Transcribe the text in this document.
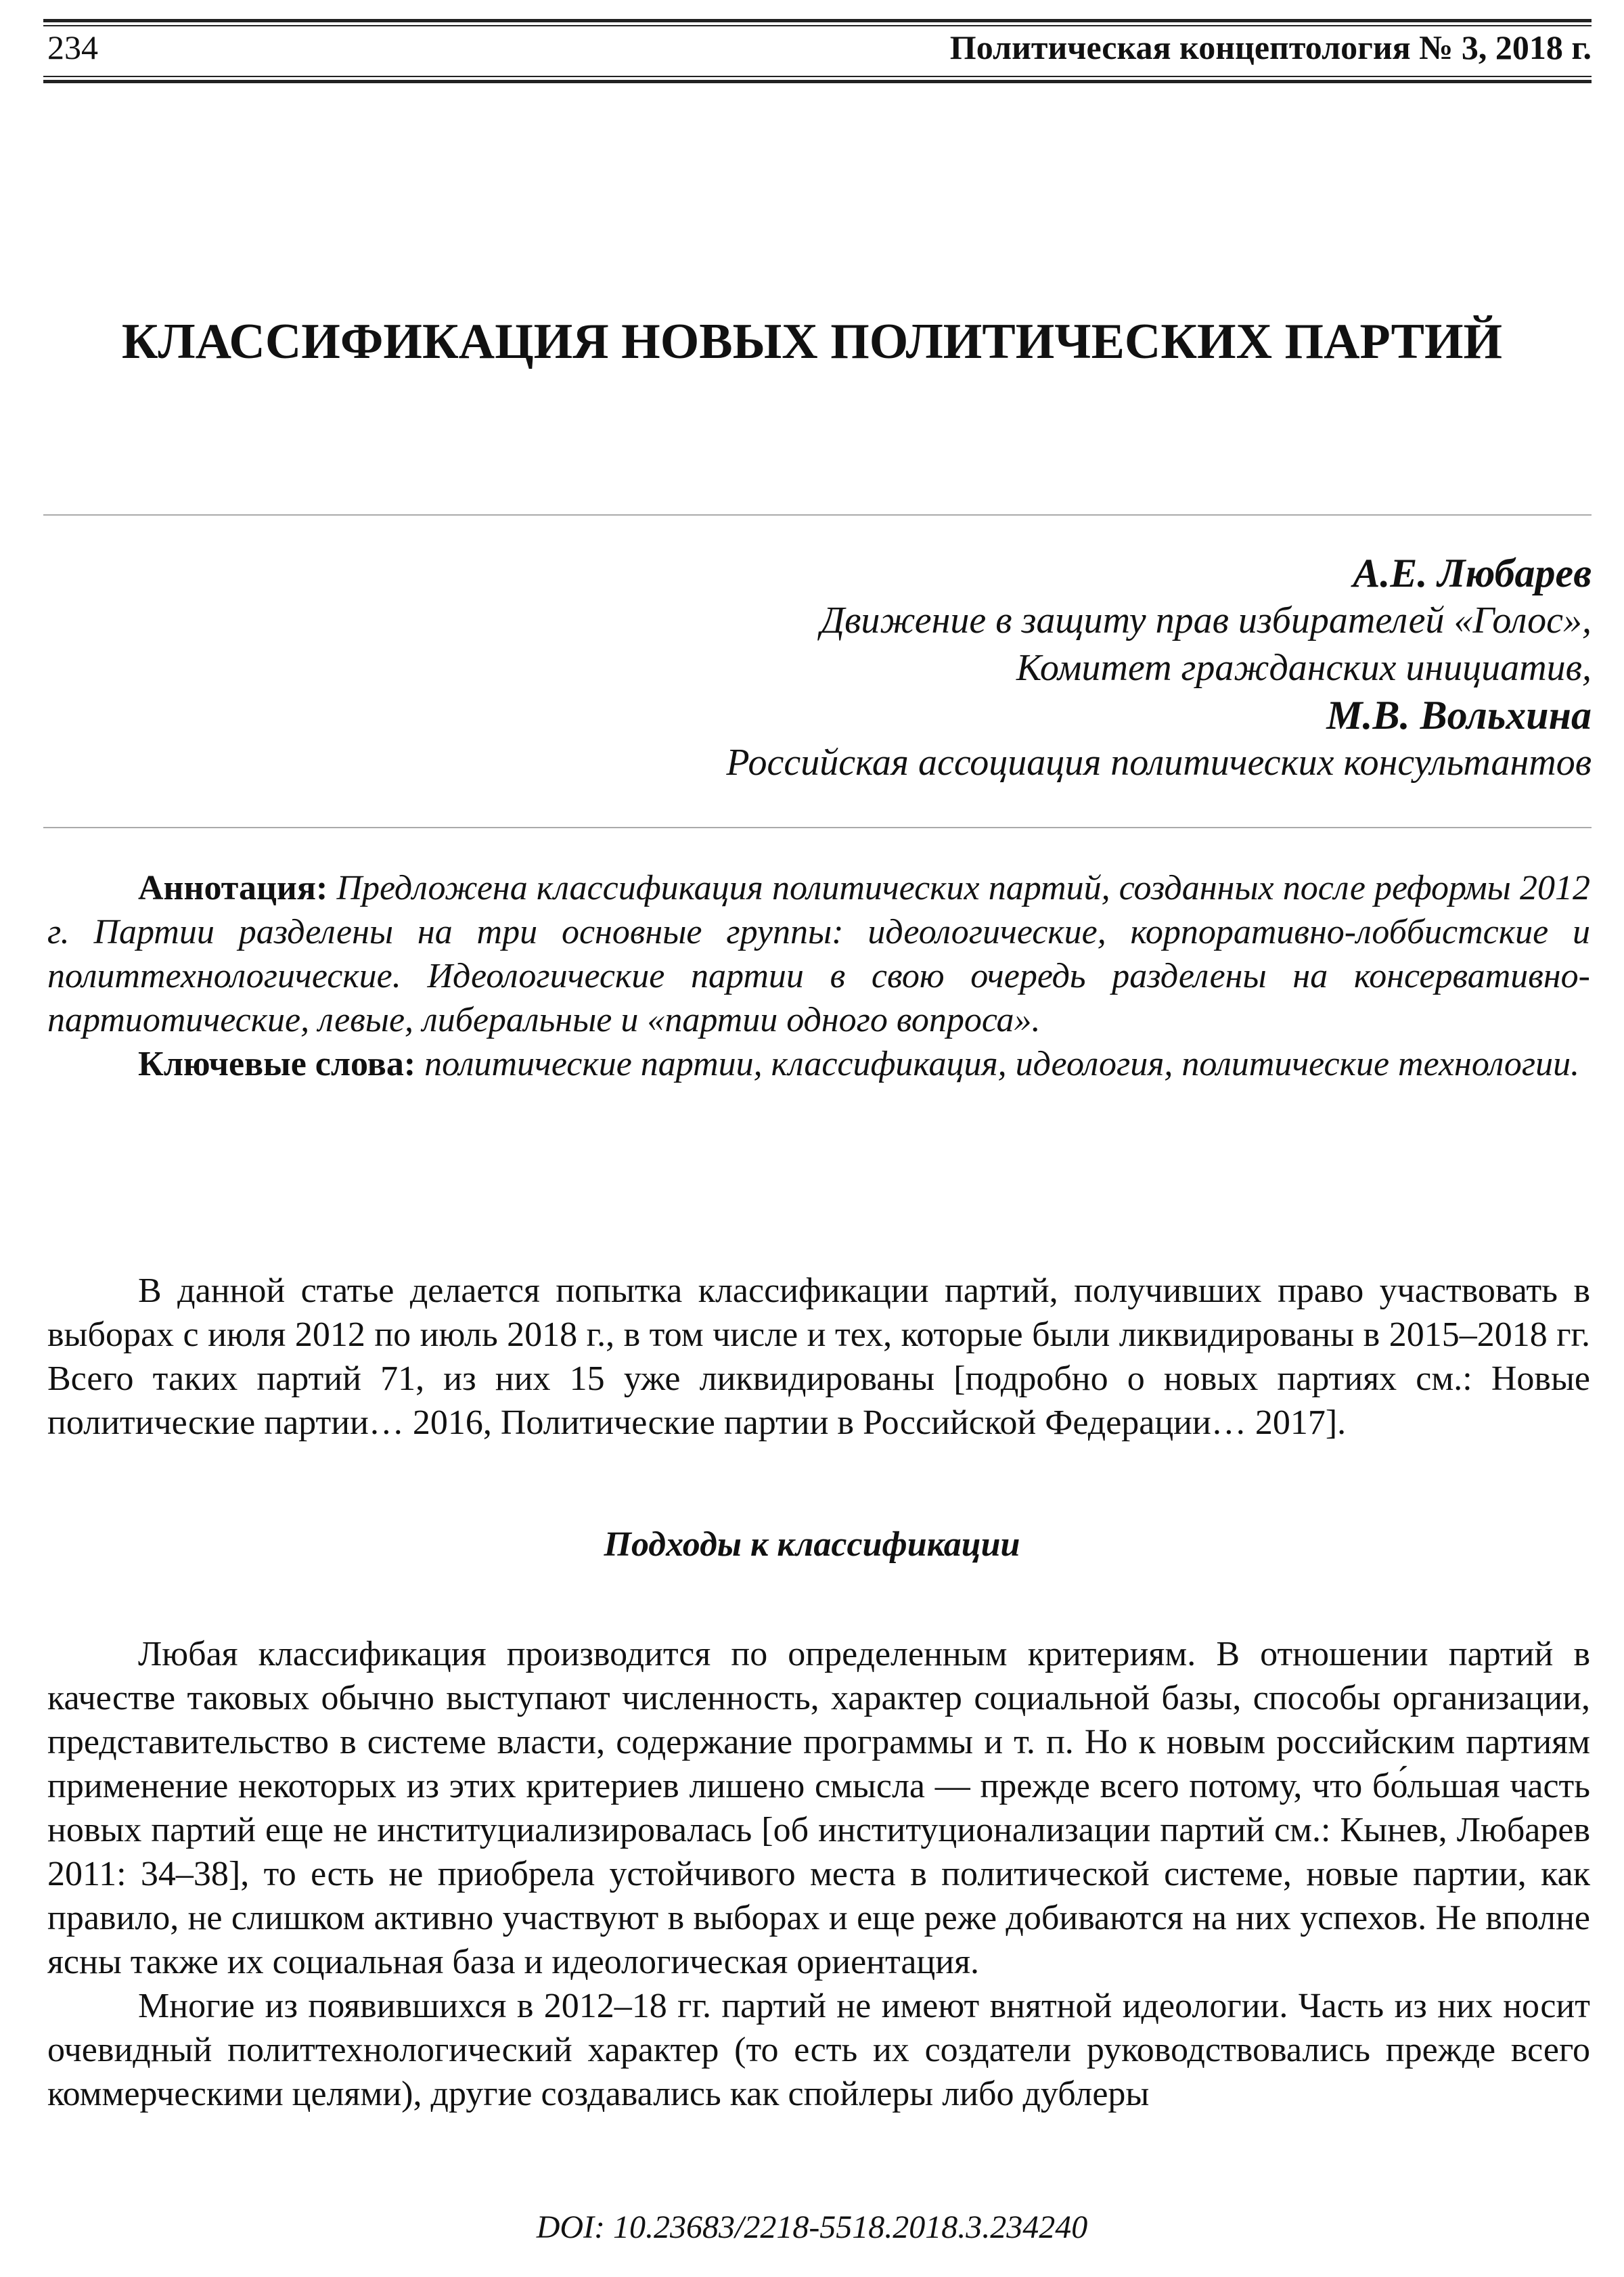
234	Политическая концептология № 3, 2018 г.
КЛАССИФИКАЦИЯ НОВЫХ ПОЛИТИЧЕСКИХ ПАРТИЙ
А.Е. Любарев
Движение в защиту прав избирателей «Голос»,
Комитет гражданских инициатив,
М.В. Вольхина
Российская ассоциация политических консультантов

Аннотация: Предложена классификация политических партий, созданных после реформы 2012 г. Партии разделены на три основные группы: идеологические, корпоративно-лоббистские и политтехнологические. Идеологические партии в свою очередь разделены на консервативно-партиотические, левые, либеральные и «партии одного вопроса».

Ключевые слова: политические партии, классификация, идеология, политические технологии.

В данной статье делается попытка классификации партий, получивших право участвовать в выборах с июля 2012 по июль 2018 г., в том числе и тех, которые были ликвидированы в 2015–2018 гг. Всего таких партий 71, из них 15 уже ликвидированы [подробно о новых партиях см.: Новые политические партии… 2016, Политические партии в Российской Федерации… 2017].

Подходы к классификации

Любая классификация производится по определенным критериям. В отношении партий в качестве таковых обычно выступают численность, характер социальной базы, способы организации, представительство в системе власти, содержание программы и т. п. Но к новым российским партиям применение некоторых из этих критериев лишено смысла — прежде всего потому, что бо́льшая часть новых партий еще не институциализировалась [об институционализации партий см.: Кынев, Любарев 2011: 34–38], то есть не приобрела устойчивого места в политической системе, новые партии, как правило, не слишком активно участвуют в выборах и еще реже добиваются на них успехов. Не вполне ясны также их социальная база и идеологическая ориентация.

Многие из появившихся в 2012–18 гг. партий не имеют внятной идеологии. Часть из них носит очевидный политтехнологический характер (то есть их создатели руководствовались прежде всего коммерческими целями), другие создавались как спойлеры либо дублеры

DOI: 10.23683/2218-5518.2018.3.234240
